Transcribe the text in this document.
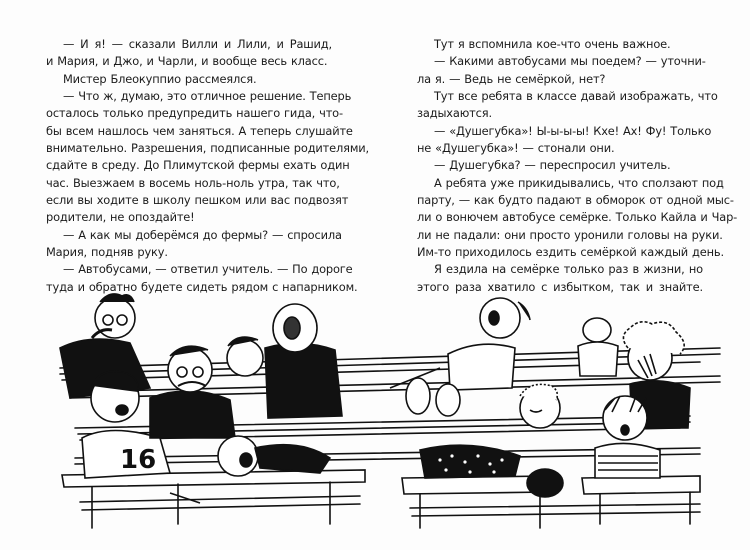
— И я! — сказали Вилли и Лили, и Рашид,
и Мария, и Джо, и Чарли, и вообще весь класс.
Мистер Блеокуппио рассмеялся.
— Что ж, думаю, это отличное решение. Теперь
осталось только предупредить нашего гида, что-
бы всем нашлось чем заняться. А теперь слушайте
внимательно. Разрешения, подписанные родителями,
сдайте в среду. До Плимутской фермы ехать один
час. Выезжаем в восемь ноль-ноль утра, так что,
если вы ходите в школу пешком или вас подвозят
родители, не опоздайте!
— А как мы доберёмся до фермы? — спросила
Мария, подняв руку.
— Автобусами, — ответил учитель. — По дороге
туда и обратно будете сидеть рядом с напарником.
Тут я вспомнила кое-что очень важное.
— Какими автобусами мы поедем? — уточни-
ла я. — Ведь не семёркой, нет?
Тут все ребята в классе давай изображать, что
задыхаются.
— «Душегубка»! Ы-ы-ы-ы! Кхе! Ах! Фу! Только
не «Душегубка»! — стонали они.
— Душегубка? — переспросил учитель.
А ребята уже прикидывались, что сползают под
парту, — как будто падают в обморок от одной мыс-
ли о вонючем автобусе семёрке. Только Кайла и Чар-
ли не падали: они просто уронили головы на руки.
Им-то приходилось ездить семёркой каждый день.
Я ездила на семёрке только раз в жизни, но
этого раза хватило с избытком, так и знайте.
16
